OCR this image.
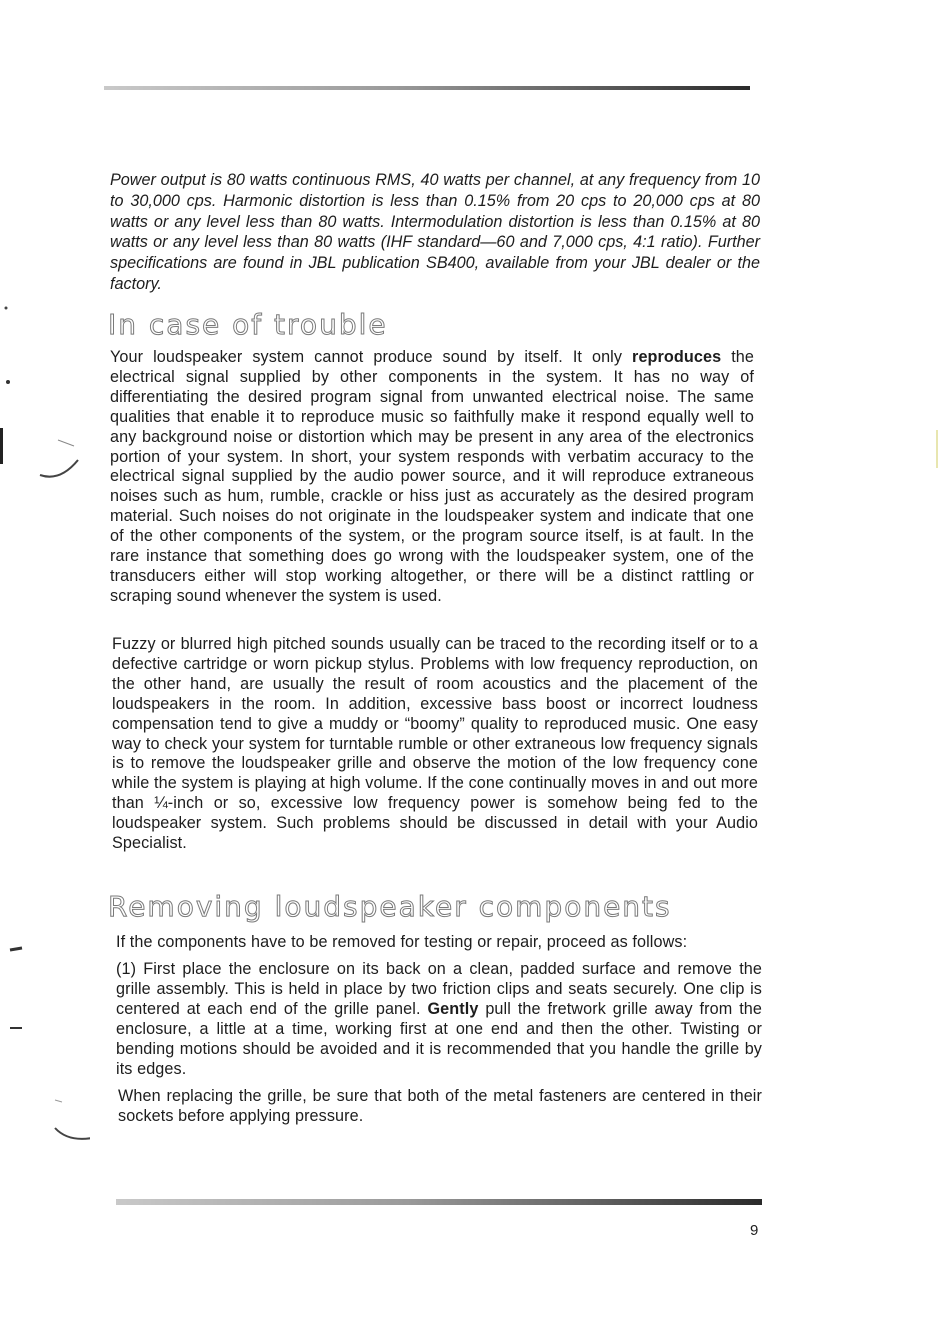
Power output is 80 watts continuous RMS, 40 watts per channel, at any frequency from 10 to 30,000 cps. Harmonic distortion is less than 0.15% from 20 cps to 20,000 cps at 80 watts or any level less than 80 watts. Intermodulation distortion is less than 0.15% at 80 watts or any level less than 80 watts (IHF standard—60 and 7,000 cps, 4:1 ratio). Further specifications are found in JBL publication SB400, available from your JBL dealer or the factory.

In case of trouble

Your loudspeaker system cannot produce sound by itself. It only reproduces the electrical signal supplied by other components in the system. It has no way of differentiating the desired program signal from unwanted electrical noise. The same qualities that enable it to reproduce music so faithfully make it respond equally well to any background noise or distortion which may be present in any area of the electronics portion of your system. In short, your system responds with verbatim accuracy to the electrical signal supplied by the audio power source, and it will reproduce extraneous noises such as hum, rumble, crackle or hiss just as accurately as the desired program material. Such noises do not originate in the loudspeaker system and indicate that one of the other components of the system, or the program source itself, is at fault. In the rare instance that something does go wrong with the loudspeaker system, one of the transducers either will stop working altogether, or there will be a distinct rattling or scraping sound whenever the system is used.

Fuzzy or blurred high pitched sounds usually can be traced to the recording itself or to a defective cartridge or worn pickup stylus. Problems with low frequency reproduction, on the other hand, are usually the result of room acoustics and the placement of the loudspeakers in the room. In addition, excessive bass boost or incorrect loudness compensation tend to give a muddy or “boomy” quality to reproduced music. One easy way to check your system for turntable rumble or other extraneous low frequency signals is to remove the loudspeaker grille and observe the motion of the low frequency cone while the system is playing at high volume. If the cone continually moves in and out more than ¼-inch or so, excessive low frequency power is somehow being fed to the loudspeaker system. Such problems should be discussed in detail with your Audio Specialist.

Removing loudspeaker components

If the components have to be removed for testing or repair, proceed as follows:

(1) First place the enclosure on its back on a clean, padded surface and remove the grille assembly. This is held in place by two friction clips and seats securely. One clip is centered at each end of the grille panel. Gently pull the fretwork grille away from the enclosure, a little at a time, working first at one end and then the other. Twisting or bending motions should be avoided and it is recommended that you handle the grille by its edges.

When replacing the grille, be sure that both of the metal fasteners are centered in their sockets before applying pressure.

9
